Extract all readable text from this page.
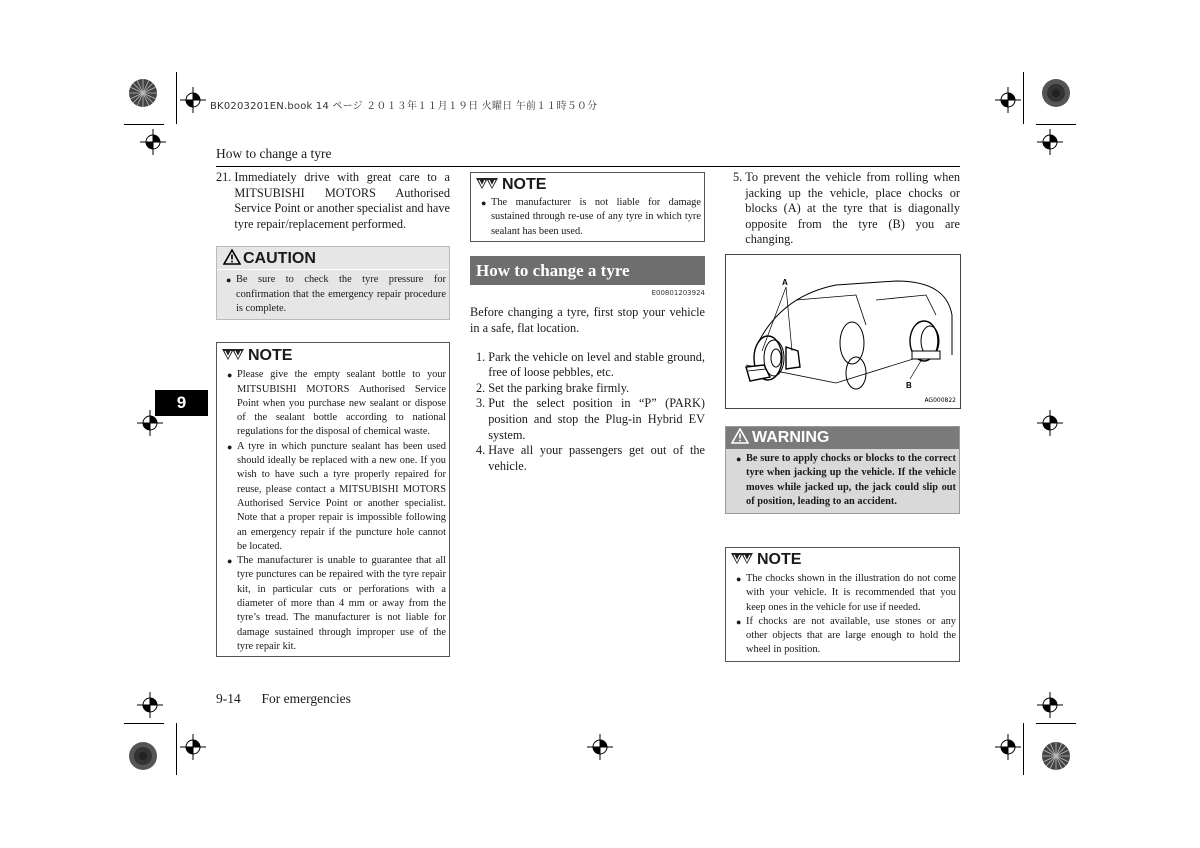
BK0203201EN.book 14 ページ ２０１３年１１月１９日 火曜日 午前１１時５０分
How to change a tyre
9
21. Immediately drive with great care to a MITSUBISHI MOTORS Authorised Service Point or another specialist and have tyre repair/replacement performed.
CAUTION
● Be sure to check the tyre pressure for confirmation that the emergency repair procedure is complete.
NOTE
● Please give the empty sealant bottle to your MITSUBISHI MOTORS Authorised Service Point when you purchase new sealant or dispose of the sealant bottle according to national regulations for the disposal of chemical waste.
● A tyre in which puncture sealant has been used should ideally be replaced with a new one. If you wish to have such a tyre properly repaired for reuse, please contact a MITSUBISHI MOTORS Authorised Service Point or another specialist. Note that a proper repair is impossible following an emergency repair if the puncture hole cannot be located.
● The manufacturer is unable to guarantee that all tyre punctures can be repaired with the tyre repair kit, in particular cuts or perforations with a diameter of more than 4 mm or away from the tyre’s tread. The manufacturer is not liable for damage sustained through improper use of the tyre repair kit.
NOTE
● The manufacturer is not liable for damage sustained through re-use of any tyre in which tyre sealant has been used.
How to change a tyre
E00801203924
Before changing a tyre, first stop your vehicle in a safe, flat location.
1. Park the vehicle on level and stable ground, free of loose pebbles, etc.
2. Set the parking brake firmly.
3. Put the select position in “P” (PARK) position and stop the Plug-in Hybrid EV system.
4. Have all your passengers get out of the vehicle.
5. To prevent the vehicle from rolling when jacking up the vehicle, place chocks or blocks (A) at the tyre that is diagonally opposite from the tyre (B) you are changing.
A
B
AG000822
WARNING
● Be sure to apply chocks or blocks to the correct tyre when jacking up the vehicle. If the vehicle moves while jacked up, the jack could slip out of position, leading to an accident.
NOTE
● The chocks shown in the illustration do not come with your vehicle. It is recommended that you keep ones in the vehicle for use if needed.
● If chocks are not available, use stones or any other objects that are large enough to hold the wheel in position.
9-14 For emergencies
